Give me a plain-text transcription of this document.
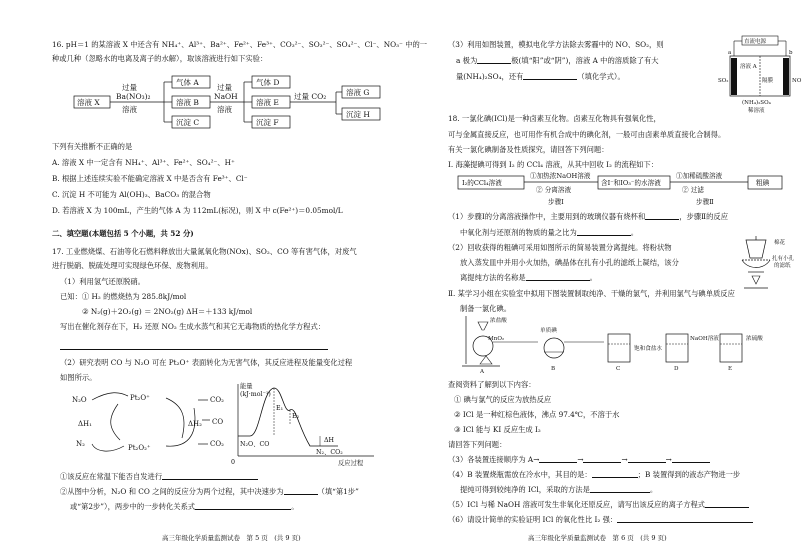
16. pH＝1 的某溶液 X 中还含有 NH₄⁺、Al³⁺、Ba²⁺、Fe²⁺、Fe³⁺、CO₃²⁻、SO₃²⁻、SO₄²⁻、Cl⁻、NO₃⁻ 中的一
种或几种（忽略水的电离及离子的水解），取该溶液进行如下实验：
溶液 X
过量
Ba(NO₃)₂
溶液
气体 A
溶液 B
沉淀 C
过量
NaOH
溶液
气体 D
溶液 E
沉淀 F
过量 CO₂	溶液 G
沉淀 H
下列有关推断不正确的是
A. 溶液 X 中一定含有 NH₄⁺、Al³⁺、Fe²⁺、SO₄²⁻、H⁺
B. 根据上述连续实验不能确定溶液 X 中是否含有 Fe³⁺、Cl⁻
C. 沉淀 H 不可能为 Al(OH)₃、BaCO₃ 的混合物
D. 若溶液 X 为 100mL，产生的气体 A 为 112mL(标况)，则 X 中 c(Fe²⁺)＝0.05mol/L
二、填空题(本题包括 5 个小题，共 52 分)
17. 工业燃烧煤、石油等化石燃料释放出大量氮氧化物(NOx)、SO₂、CO 等有害气体，对废气
进行脱硝、脱硫处理可实现绿色环保、废物利用。
（1）利用氢气还原脱硝。
已知：① H₂ 的燃烧热为 285.8kJ/mol
② N₂(g)＋2O₂(g) ＝ 2NO₂(g) ΔH＝＋133 kJ/mol
写出在催化剂存在下，H₂ 还原 NO₂ 生成水蒸气和其它无毒物质的热化学方程式：
（2）研究表明 CO 与 N₂O 可在 Pt₂O⁺ 表面转化为无害气体，其反应进程及能量变化过程
如图所示。
N₂O
N₂
Pt₂O⁺
Pt₂O₂⁺
ΔH₁	ΔH₂
CO₂
CO
CO₂
能量
(kJ·mol⁻¹)
0
E₁
E₂
ΔH
N₂O、CO
N₂、CO₂
反应过程
①该反应在常温下能否自发进行
②从图中分析，N₂O 和 CO 之间的反应分为两个过程，其中决速步为	（填“第1步”
或“第2步”），两步中的一步转化关系式	。
高三年级化学质量监测试卷　第 5 页　(共 9 页)
（3）利用如图装置，模拟电化学方法除去雾霾中的 NO、SO₂，则
a 极为	极(填“阳”或“阴”)，溶液 A 中的溶质除了有大
量(NH₄)₂SO₄，还有	（填化学式）。
直流电源
a	b
溶液 A
隔膜
SO₂	NO
(NH₄)₂SO₄
稀溶液
18. 一氯化碘(ICl)是一种卤素互化物。卤素互化物具有强氧化性，
可与金属直接反应，也可用作有机合成中的碘化剂，一般可由卤素单质直接化合制得。
有关一氯化碘制备及性质探究，请回答下列问题：
Ⅰ. 海藻提碘可得到 I₂ 的 CCl₄ 溶液，从其中回收 I₂ 的流程如下：
I₂的CCl₄溶液
①加热浓NaOH溶液
② 分离溶液
含I⁻和IO₃⁻的水溶液
①加稀硫酸溶液
② 过滤
粗碘
步骤Ⅰ	步骤Ⅱ
（1）步骤Ⅰ的分离溶液操作中，主要用到的玻璃仪器有烧杯和	，步骤Ⅱ的反应
中氧化剂与还原剂的物质的量之比为	。
（2）回收获得的粗碘可采用如图所示的简易装置分离提纯。将粉状物
放入蒸发皿中并用小火加热，碘晶体在扎有小孔的滤纸上凝结，该分
离提纯方法的名称是	。
棉花
扎有小孔
的滤纸
Ⅱ. 某学习小组在实验室中拟用下图装置制取纯净、干燥的氯气，并利用氯气与碘单质反应
制备一氯化碘。
浓盐酸
MnO₂
A
单质碘
B
饱和食盐水
C
NaOH溶液
D
浓硫酸
E
查阅资料了解到以下内容：
① 碘与氯气的反应为放热反应
② ICl 是一种红棕色液体，沸点 97.4℃，不溶于水
③ ICl 能与 KI 反应生成 I₂
请回答下列问题：
（3）各装置连接顺序为 A→	→	→	→
（4）B 装置烧瓶需放在冷水中，其目的是：	；B 装置得到的液态产物进一步
提纯可得到较纯净的 ICl，采取的方法是	。
（5）ICl 与稀 NaOH 溶液可发生非氧化还原反应，请写出该反应的离子方程式
（6）请设计简单的实验证明 ICl 的氧化性比 I₂ 强：
高三年级化学质量监测试卷　第 6 页　(共 9 页)
